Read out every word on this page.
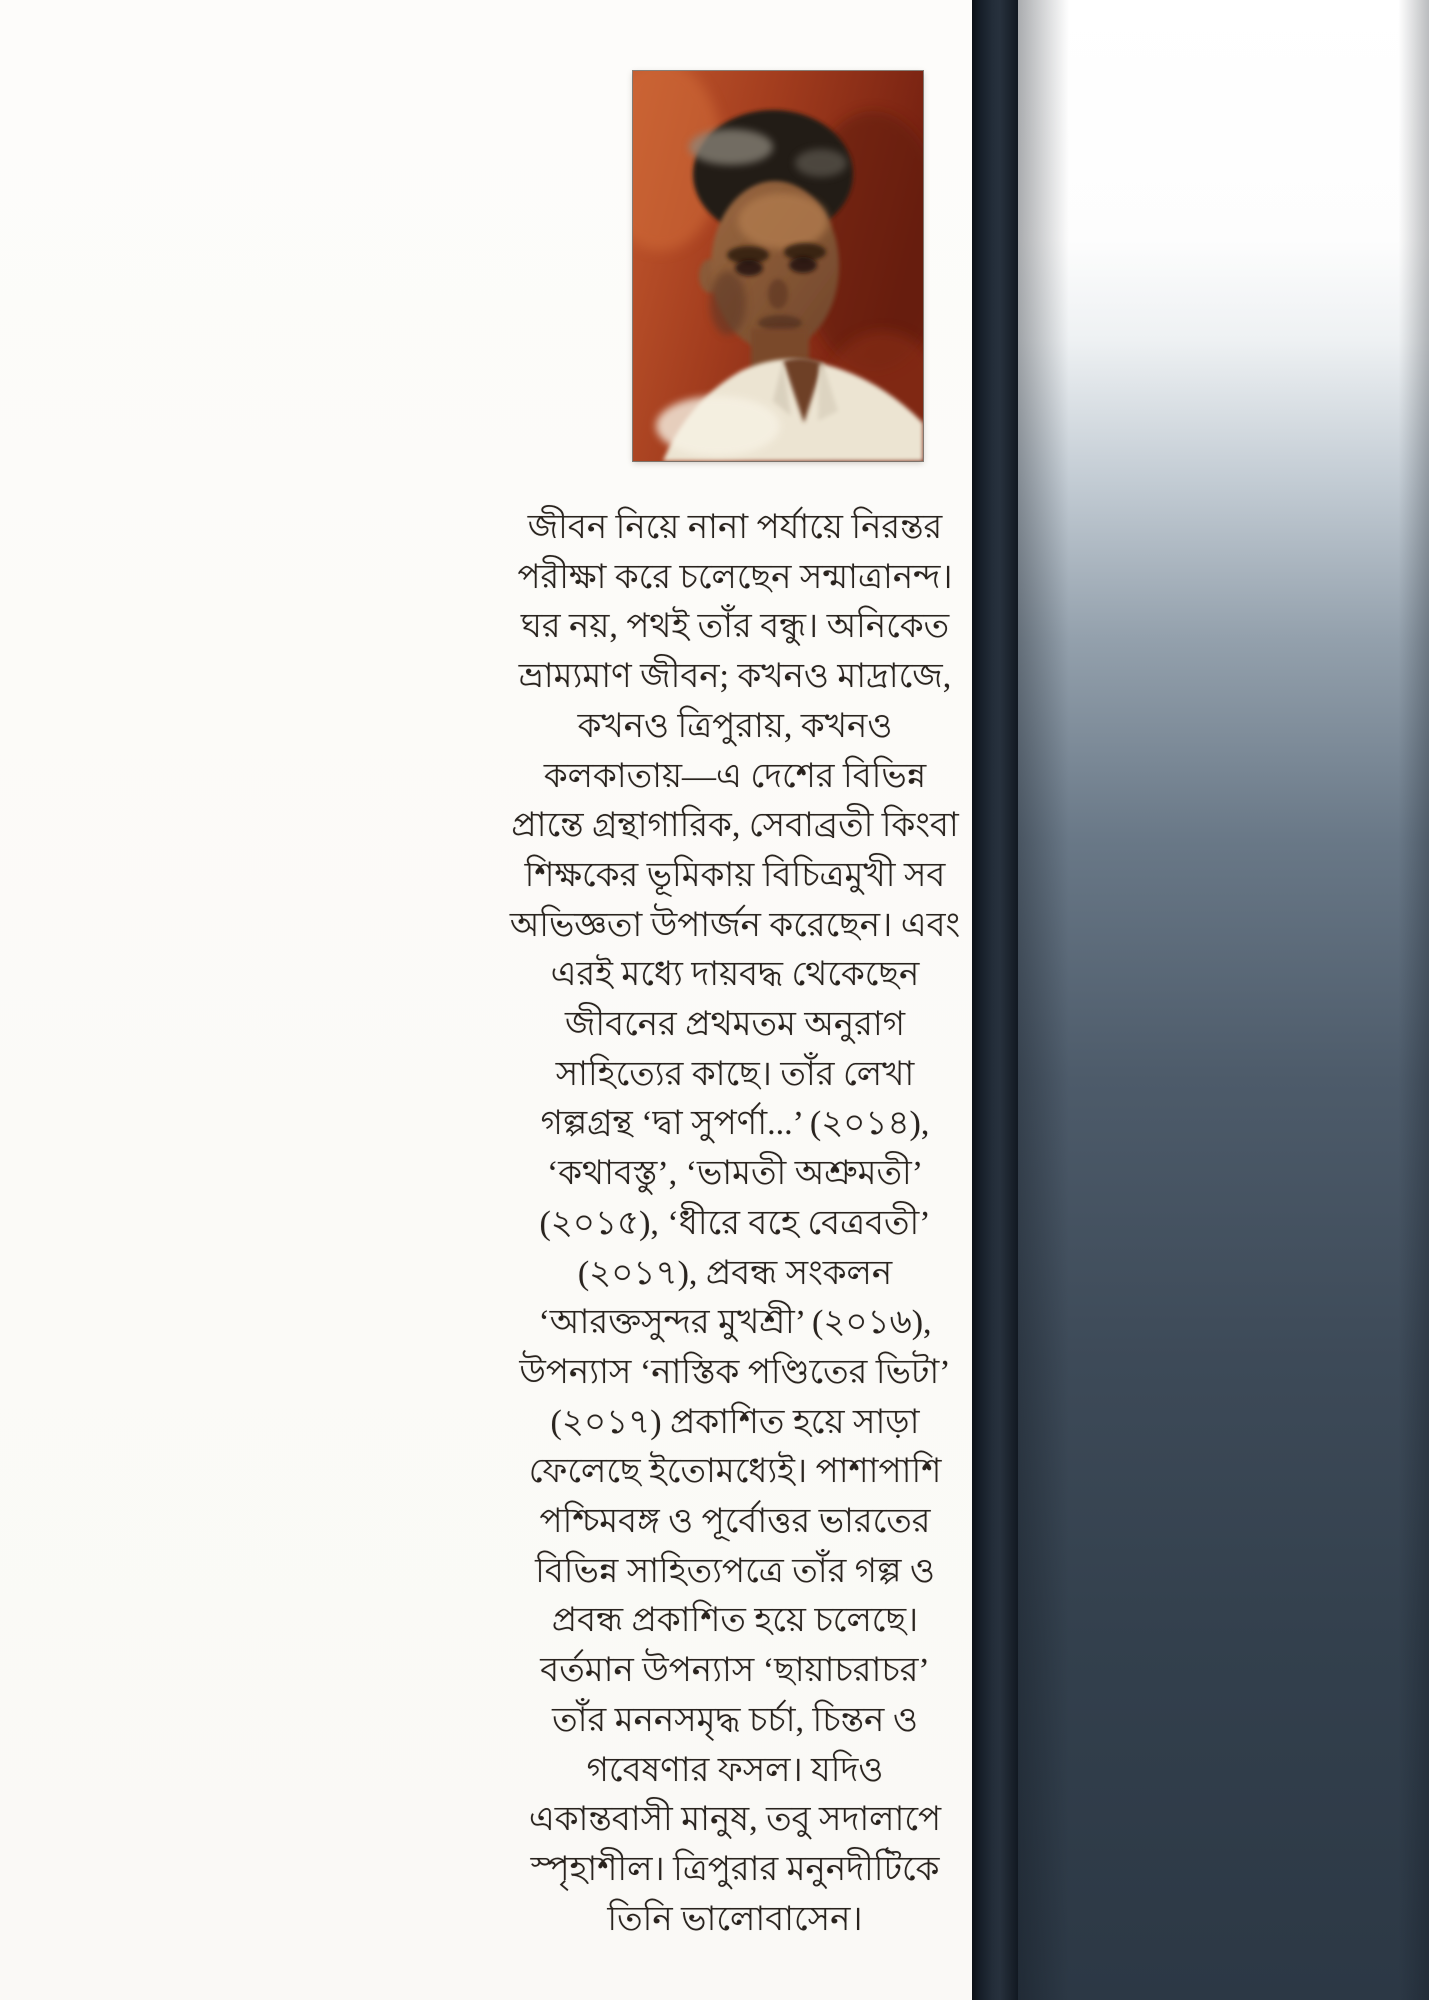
জীবন নিয়ে নানা পর্যায়ে নিরন্তর
পরীক্ষা করে চলেছেন সন্মাত্রানন্দ।
ঘর নয়, পথই তাঁর বন্ধু। অনিকেত
ভ্রাম্যমাণ জীবন; কখনও মাদ্রাজে,
কখনও ত্রিপুরায়, কখনও
কলকাতায়—এ দেশের বিভিন্ন
প্রান্তে গ্রন্থাগারিক, সেবাব্রতী কিংবা
শিক্ষকের ভূমিকায় বিচিত্রমুখী সব
অভিজ্ঞতা উপার্জন করেছেন। এবং
এরই মধ্যে দায়বদ্ধ থেকেছেন
জীবনের প্রথমতম অনুরাগ
সাহিত্যের কাছে। তাঁর লেখা
গল্পগ্রন্থ ‘দ্বা সুপর্ণা...’ (২০১৪),
‘কথাবস্তু’, ‘ভামতী অশ্রুমতী’
(২০১৫), ‘ধীরে বহে বেত্রবতী’
(২০১৭), প্রবন্ধ সংকলন
‘আরক্তসুন্দর মুখশ্রী’ (২০১৬),
উপন্যাস ‘নাস্তিক পণ্ডিতের ভিটা’
(২০১৭) প্রকাশিত হয়ে সাড়া
ফেলেছে ইতোমধ্যেই। পাশাপাশি
পশ্চিমবঙ্গ ও পূর্বোত্তর ভারতের
বিভিন্ন সাহিত্যপত্রে তাঁর গল্প ও
প্রবন্ধ প্রকাশিত হয়ে চলেছে।
বর্তমান উপন্যাস ‘ছায়াচরাচর’
তাঁর মননসমৃদ্ধ চর্চা, চিন্তন ও
গবেষণার ফসল। যদিও
একান্তবাসী মানুষ, তবু সদালাপে
স্পৃহাশীল। ত্রিপুরার মনুনদীটিকে
তিনি ভালোবাসেন।
